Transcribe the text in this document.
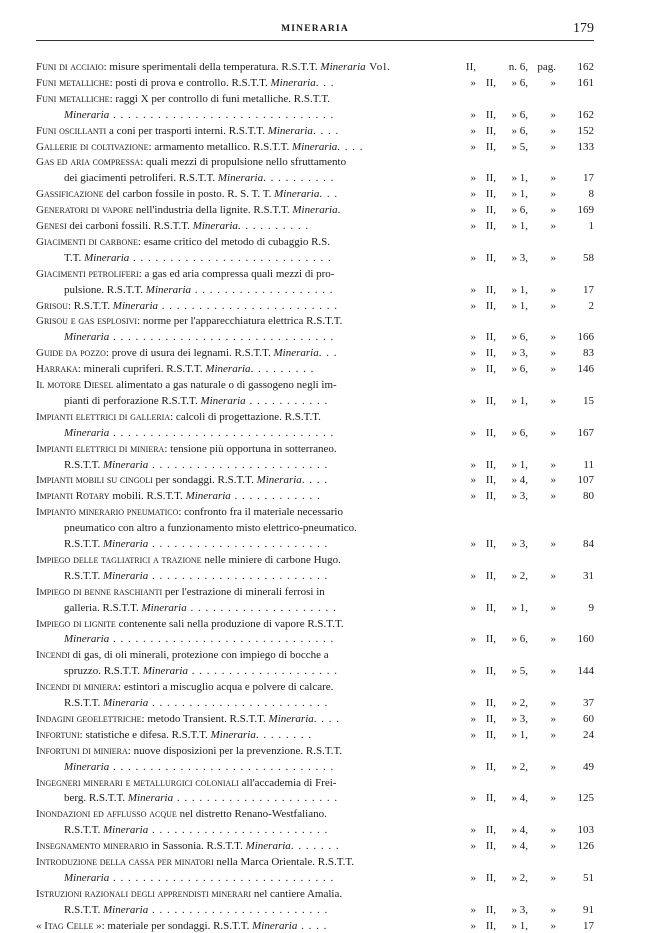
MINERARIA	179
Funi di acciaio: misure sperimentali della temperatura. R.S.T.T. Mineraria Vol.	II,	n. 6, pag.	162
Funi metalliche: posti di prova e controllo. R.S.T.T. Mineraria. . .	» II,	» 6,	»	161
Funi metalliche: raggi X per controllo di funi metalliche. R.S.T.T.
Mineraria . . . . . . . . . . . . . . . . . . . . . . . . . . . . . .	» II,	» 6,	»	162
Funi oscillanti a coni per trasporti interni. R.S.T.T. Mineraria. . . .	» II,	» 6,	»	152
Gallerie di coltivazione: armamento metallico. R.S.T.T. Mineraria. . . .	» II,	» 5,	»	133
Gas ed aria compressa: quali mezzi di propulsione nello sfruttamento
dei giacimenti petroliferi. R.S.T.T. Mineraria. . . . . . . . . .	» II,	» 1,	»	17
Gassificazione del carbon fossile in posto. R. S. T. T. Mineraria. . .	» II,	» 1,	»	8
Generatori di vapore nell'industria della lignite. R.S.T.T. Mineraria.	» II,	» 6,	»	169
Genesi dei carboni fossili. R.S.T.T. Mineraria. . . . . . . . . .	» II,	» 1,	»	1
Giacimenti di carbone: esame critico del metodo di cubaggio R.S.
T.T. Mineraria . . . . . . . . . . . . . . . . . . . . . . . . . . .	» II,	» 3,	»	58
Giacimenti petroliferi: a gas ed aria compressa quali mezzi di pro-
pulsione. R.S.T.T. Mineraria . . . . . . . . . . . . . . . . . . .	» II,	» 1,	»	17
Grisou: R.S.T.T. Mineraria . . . . . . . . . . . . . . . . . . . . . . . .	» II,	» 1,	»	2
Grisou e gas esplosivi: norme per l'apparecchiatura elettrica R.S.T.T.
Mineraria . . . . . . . . . . . . . . . . . . . . . . . . . . . . . .	» II,	» 6,	»	166
Guide da pozzo: prove di usura dei legnami. R.S.T.T. Mineraria. . .	» II,	» 3,	»	83
Harraka: minerali cupriferi. R.S.T.T. Mineraria. . . . . . . . .	» II,	» 6,	»	146
Il motore Diesel alimentato a gas naturale o di gassogeno negli im-
pianti di perforazione R.S.T.T. Mineraria . . . . . . . . . . .	» II,	» 1,	»	15
Impianti elettrici di galleria: calcoli di progettazione. R.S.T.T.
Mineraria . . . . . . . . . . . . . . . . . . . . . . . . . . . . . .	» II,	» 6,	»	167
Impianti elettrici di miniera: tensione più opportuna in sotterraneo.
R.S.T.T. Mineraria . . . . . . . . . . . . . . . . . . . . . . . .	» II,	» 1,	»	11
Impianti mobili su cingoli per sondaggi. R.S.T.T. Mineraria. . . .	» II,	» 4,	»	107
Impianti Rotary mobili. R.S.T.T. Mineraria . . . . . . . . . . . .	» II,	» 3,	»	80
Impianto minerario pneumatico: confronto fra il materiale necessario
pneumatico con altro a funzionamento misto elettrico-pneumatico.
R.S.T.T. Mineraria . . . . . . . . . . . . . . . . . . . . . . . .	» II,	» 3,	»	84
Impiego delle tagliatrici a trazione nelle miniere di carbone Hugo.
R.S.T.T. Mineraria . . . . . . . . . . . . . . . . . . . . . . . .	» II,	» 2,	»	31
Impiego di benne raschianti per l'estrazione di minerali ferrosi in
galleria. R.S.T.T. Mineraria . . . . . . . . . . . . . . . . . . . .	» II,	» 1,	»	9
Impiego di lignite contenente sali nella produzione di vapore R.S.T.T.
Mineraria . . . . . . . . . . . . . . . . . . . . . . . . . . . . . .	» II,	» 6,	»	160
Incendi di gas, di oli minerali, protezione con impiego di bocche a
spruzzo. R.S.T.T. Mineraria . . . . . . . . . . . . . . . . . . . .	» II,	» 5,	»	144
Incendi di miniera: estintori a miscuglio acqua e polvere di calcare.
R.S.T.T. Mineraria . . . . . . . . . . . . . . . . . . . . . . . .	» II,	» 2,	»	37
Indagini geoelettriche: metodo Transient. R.S.T.T. Mineraria. . . .	» II,	» 3,	»	60
Infortuni: statistiche e difesa. R.S.T.T. Mineraria. . . . . . . .	» II,	» 1,	»	24
Infortuni di miniera: nuove disposizioni per la prevenzione. R.S.T.T.
Mineraria . . . . . . . . . . . . . . . . . . . . . . . . . . . . . .	» II,	» 2,	»	49
Ingegneri minerari e metallurgici coloniali all'accademia di Frei-
berg. R.S.T.T. Mineraria . . . . . . . . . . . . . . . . . . . . . .	» II,	» 4,	»	125
Inondazioni ed afflusso acque nel distretto Renano-Westfaliano.
R.S.T.T. Mineraria . . . . . . . . . . . . . . . . . . . . . . . .	» II,	» 4,	»	103
Insegnamento minerario in Sassonia. R.S.T.T. Mineraria. . . . . . .	» II,	» 4,	»	126
Introduzione della cassa per minatori nella Marca Orientale. R.S.T.T.
Mineraria . . . . . . . . . . . . . . . . . . . . . . . . . . . . . .	» II,	» 2,	»	51
Istruzioni razionali degli apprendisti minerari nel cantiere Amalia.
R.S.T.T. Mineraria . . . . . . . . . . . . . . . . . . . . . . . .	» II,	» 3,	»	91
« Itag Celle »: materiale per sondaggi. R.S.T.T. Mineraria . . . .	» II,	» 1,	»	17
